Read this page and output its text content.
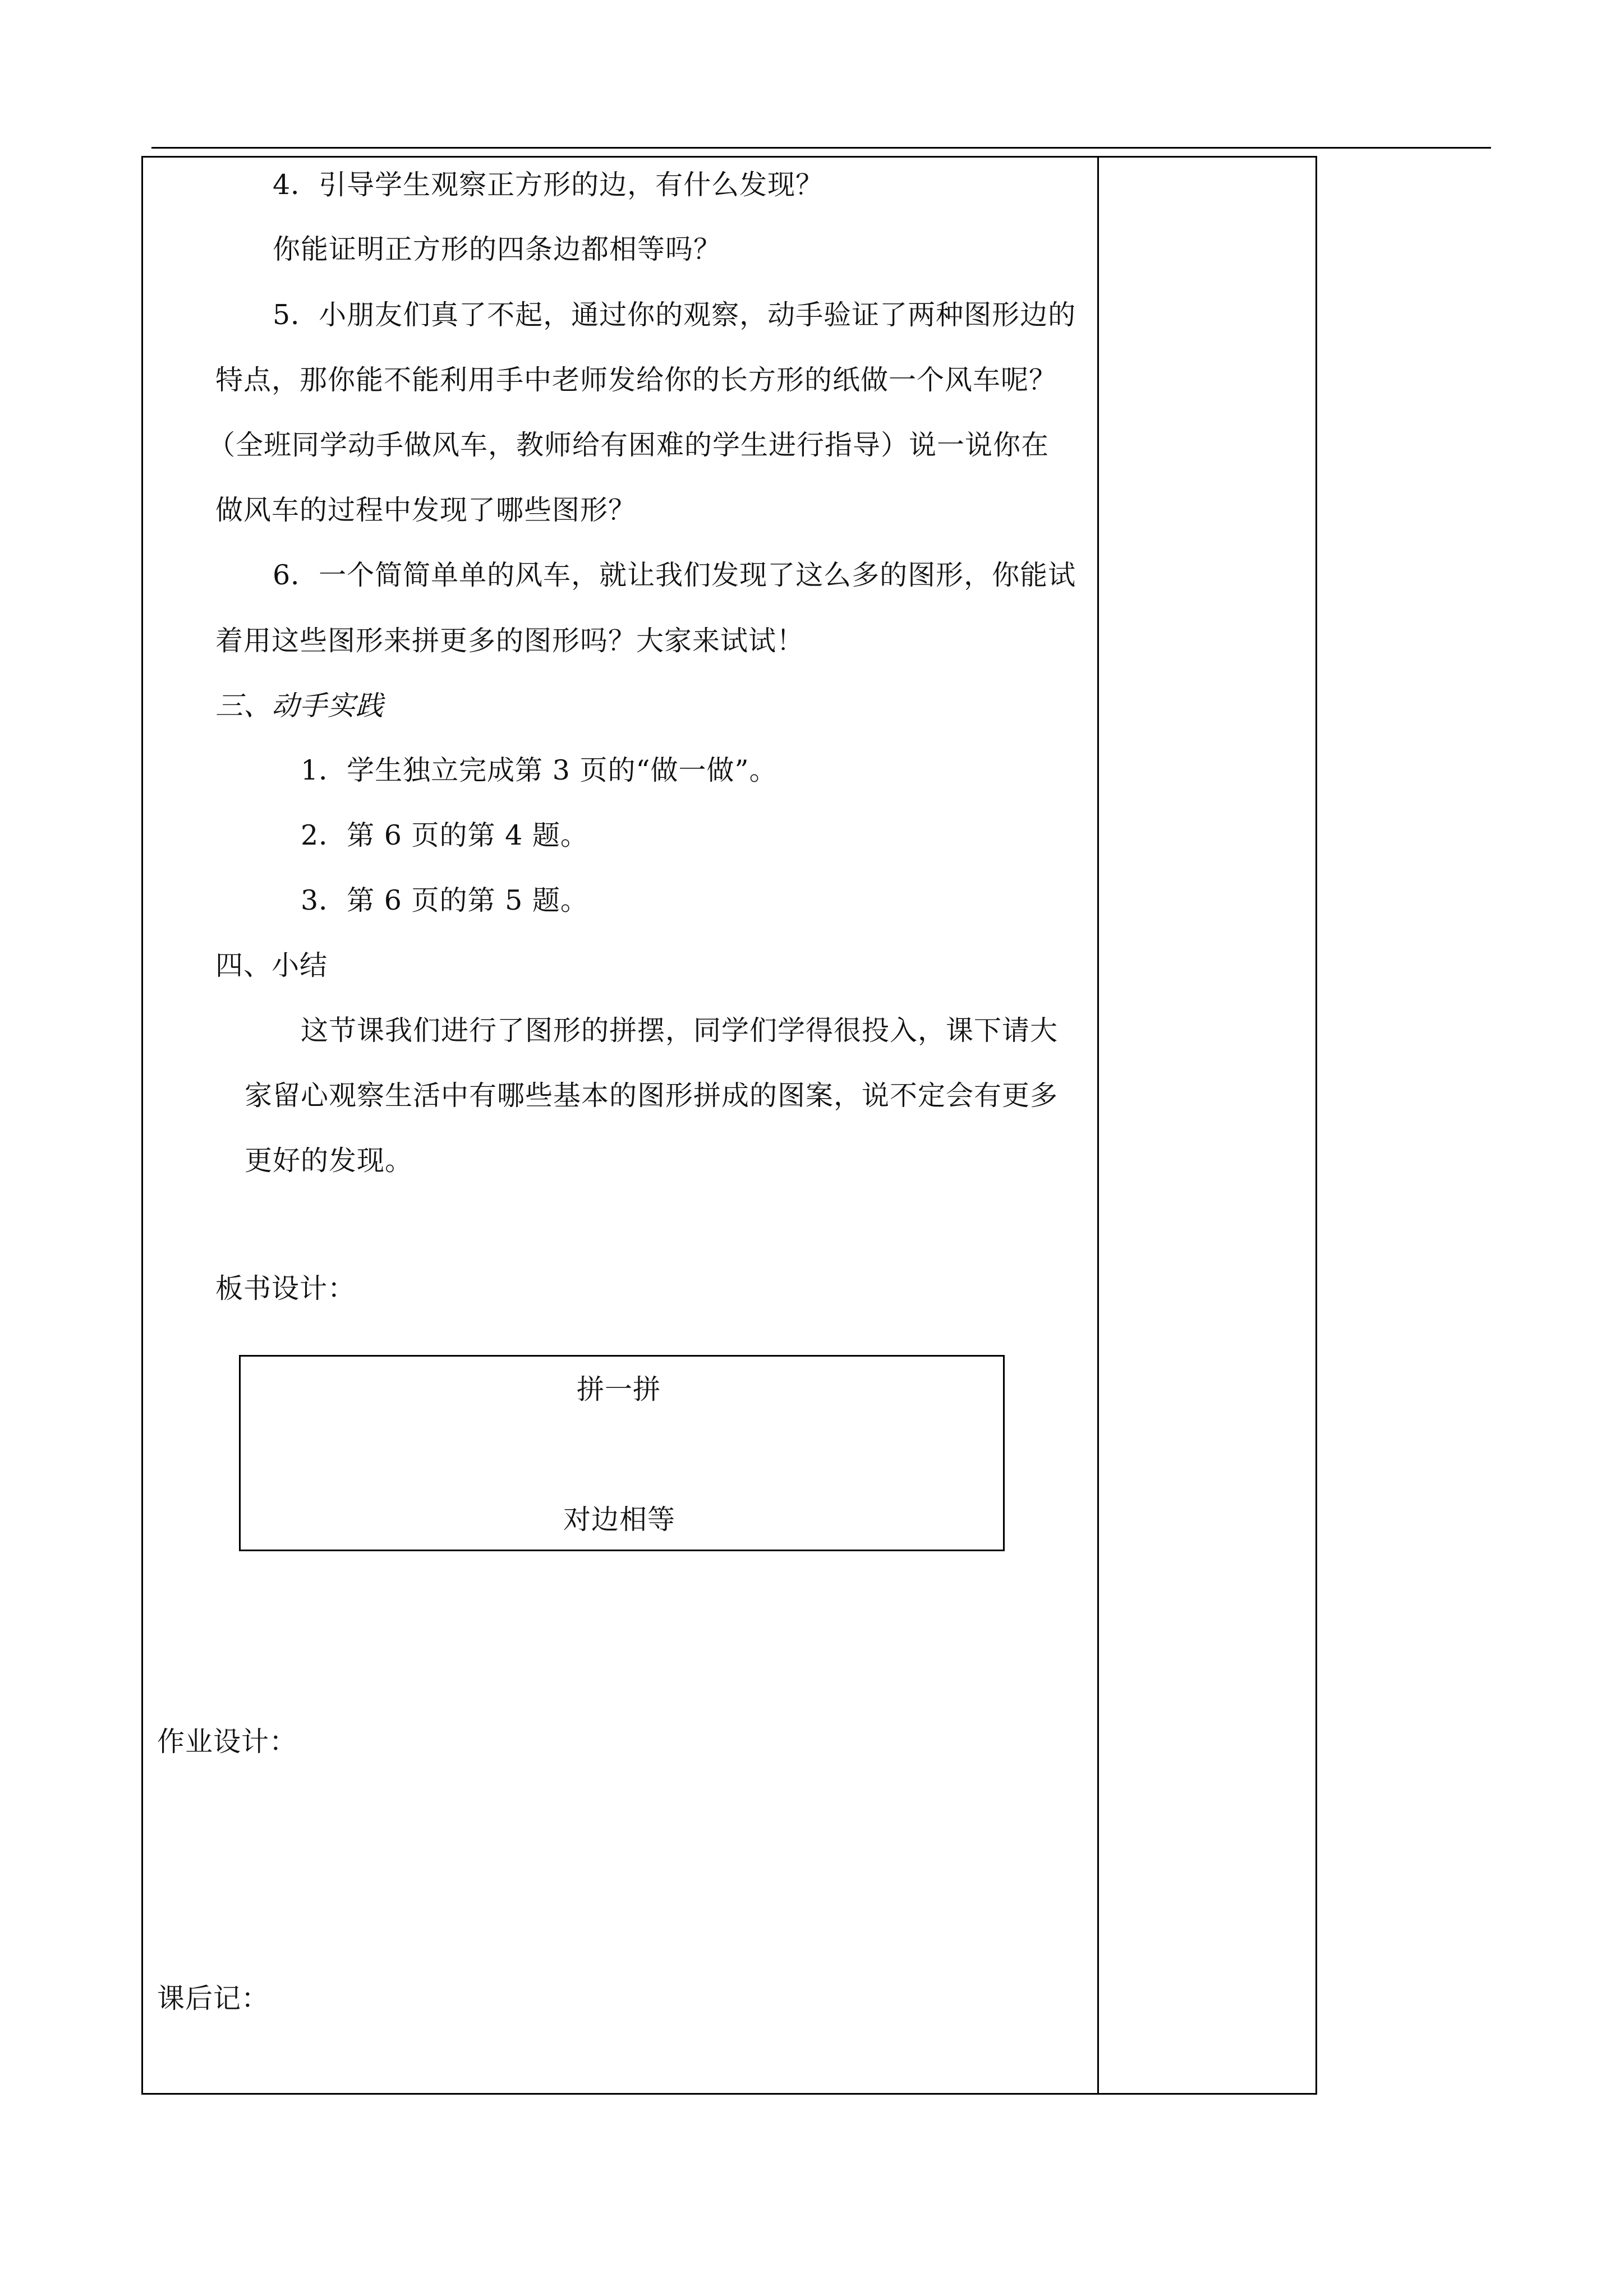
4．引导学生观察正方形的边，有什么发现？
你能证明正方形的四条边都相等吗？
5．小朋友们真了不起，通过你的观察，动手验证了两种图形边的
特点，那你能不能利用手中老师发给你的长方形的纸做一个风车呢？
（全班同学动手做风车，教师给有困难的学生进行指导）说一说你在
做风车的过程中发现了哪些图形？
6．一个简简单单的风车，就让我们发现了这么多的图形，你能试
着用这些图形来拼更多的图形吗？大家来试试！
三、动手实践
1．学生独立完成第 3 页的“做一做”。
2．第 6 页的第 4 题。
3．第 6 页的第 5 题。
四、小结
这节课我们进行了图形的拼摆，同学们学得很投入，课下请大
家留心观察生活中有哪些基本的图形拼成的图案，说不定会有更多
更好的发现。
板书设计：
拼一拼
对边相等
作业设计：
课后记：
